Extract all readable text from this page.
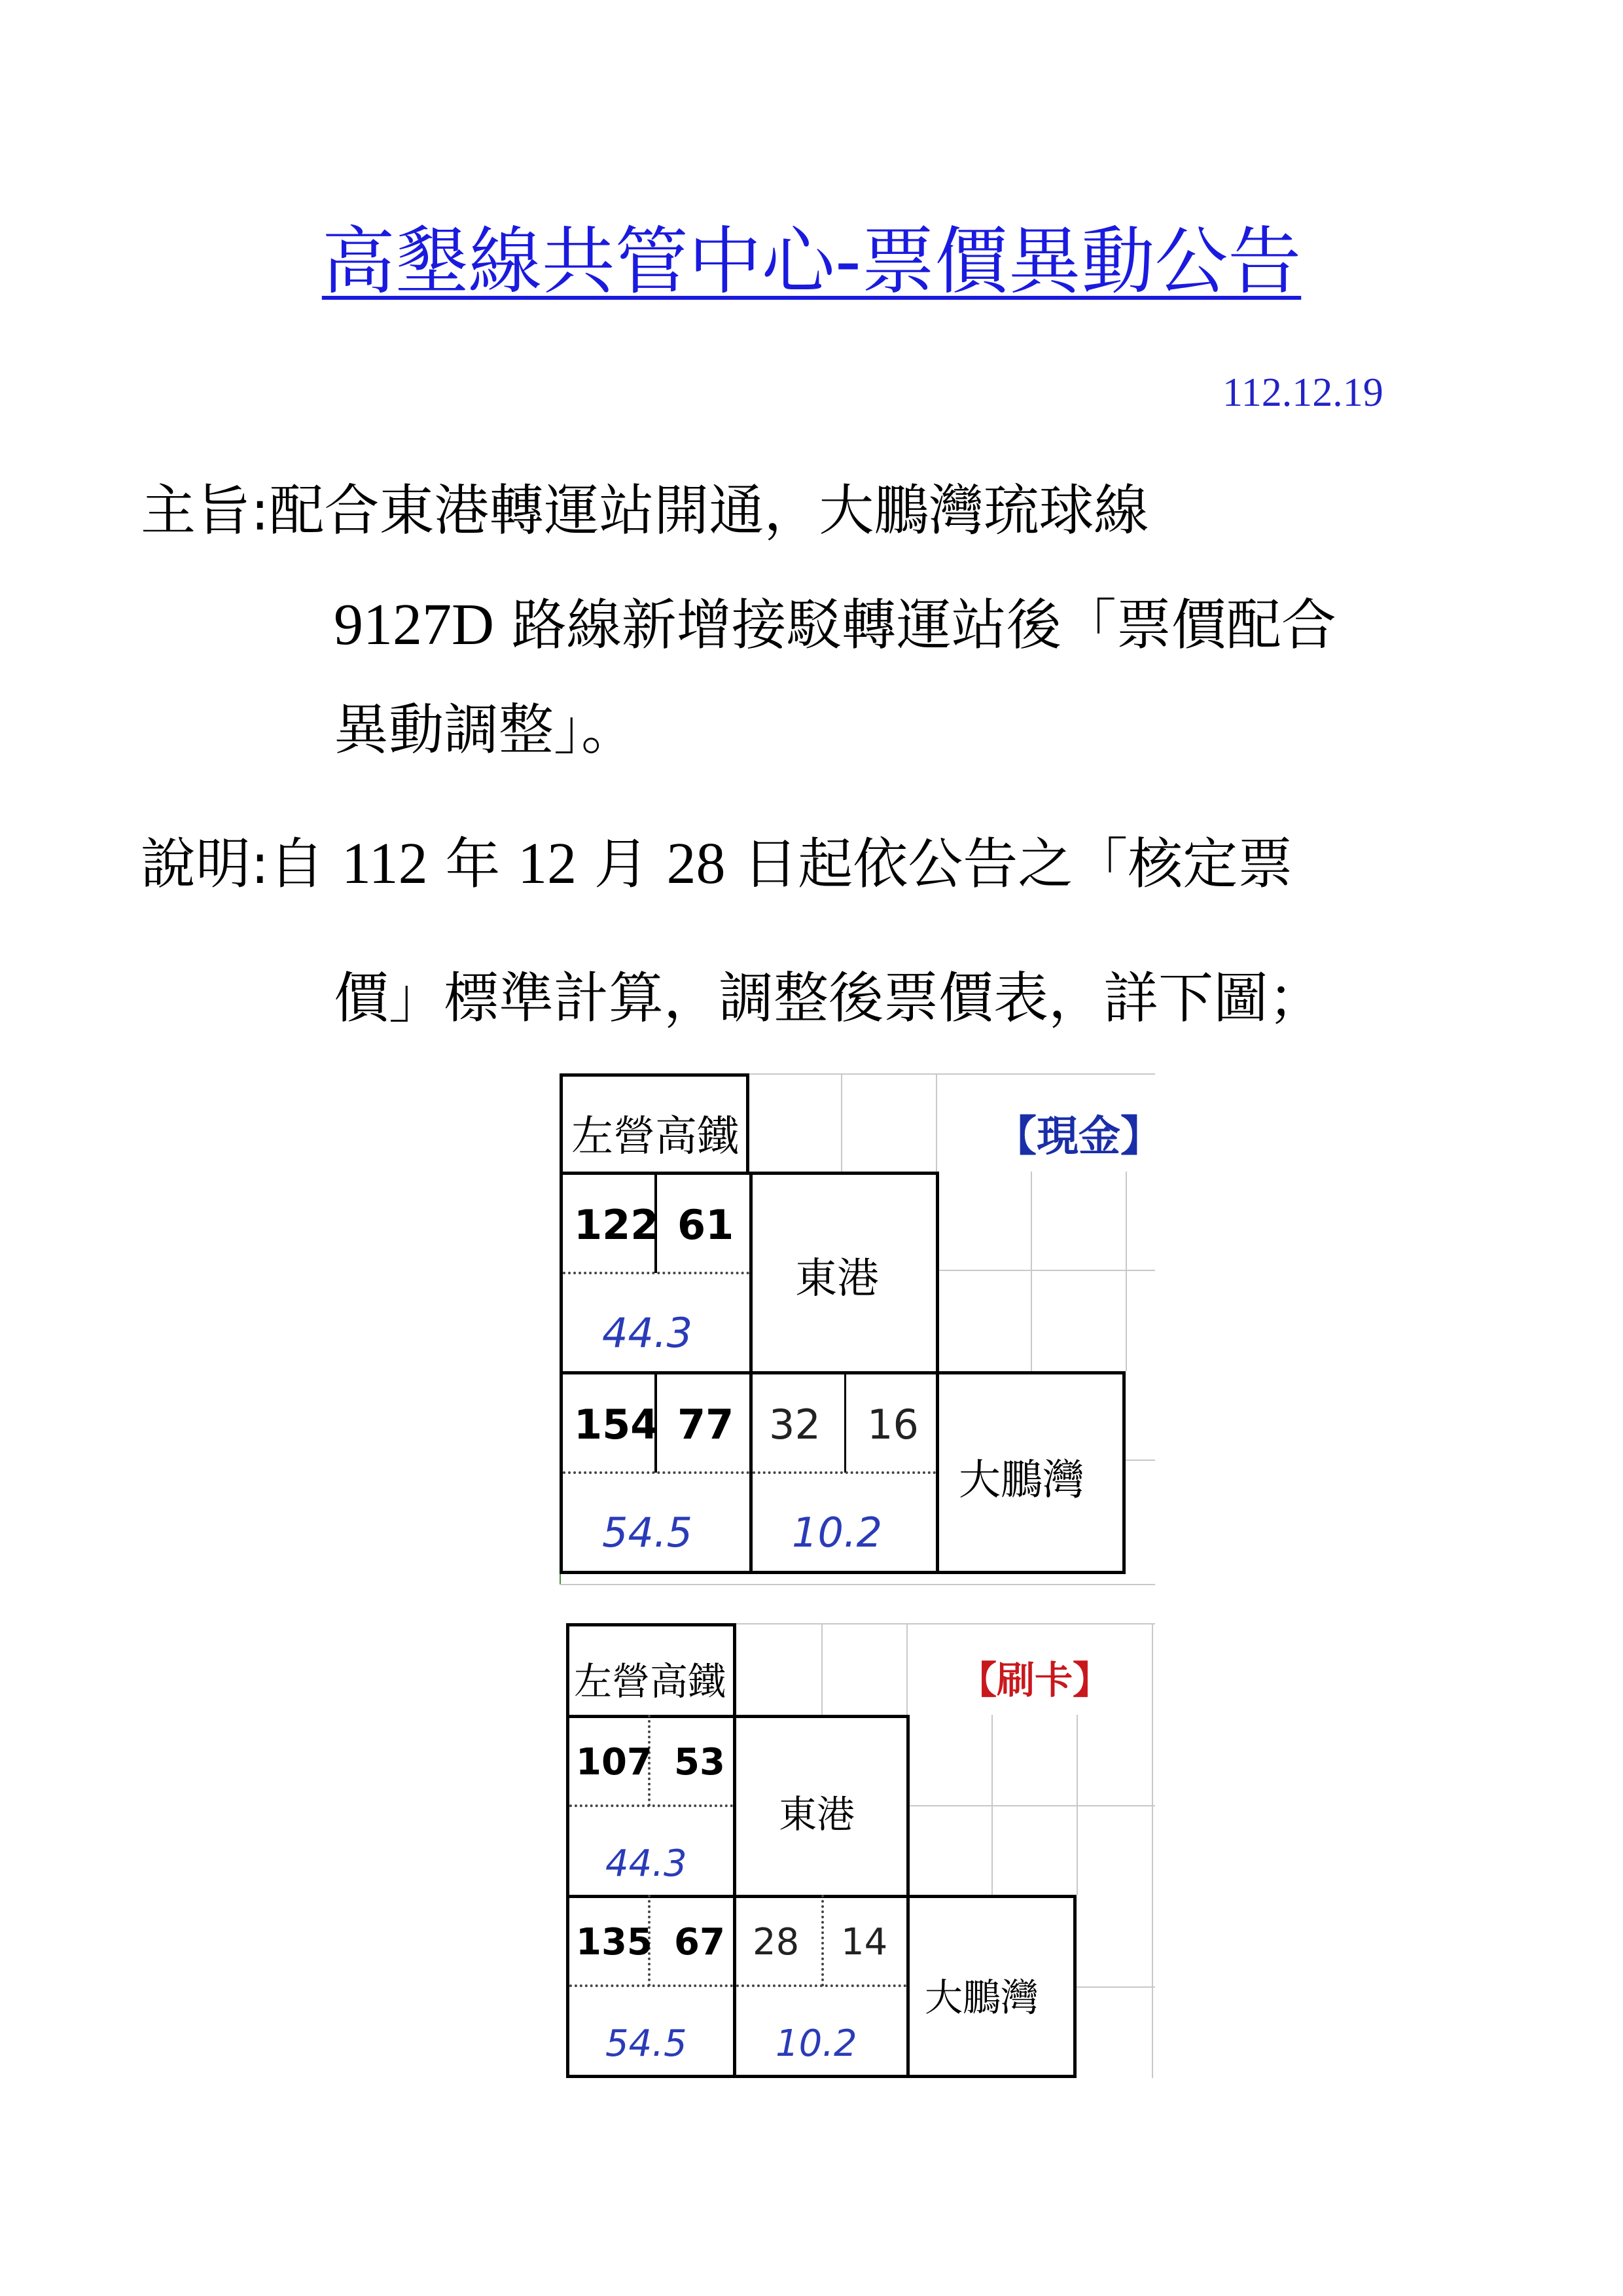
高墾線共管中心-票價異動公告
112.12.19
主旨:配合東港轉運站開通，大鵬灣琉球線
9127D 路線新增接駁轉運站後「票價配合
異動調整」。
說明:自 112 年 12 月 28 日起依公告之「核定票
價」標準計算，調整後票價表，詳下圖；
左營高鐵	【現金】
東港
大鵬灣
122 61
44.3
154 77
54.5
32 16
10.2
左營高鐵	【刷卡】
東港
大鵬灣
107 53
44.3
135 67
54.5
28 14
10.2
